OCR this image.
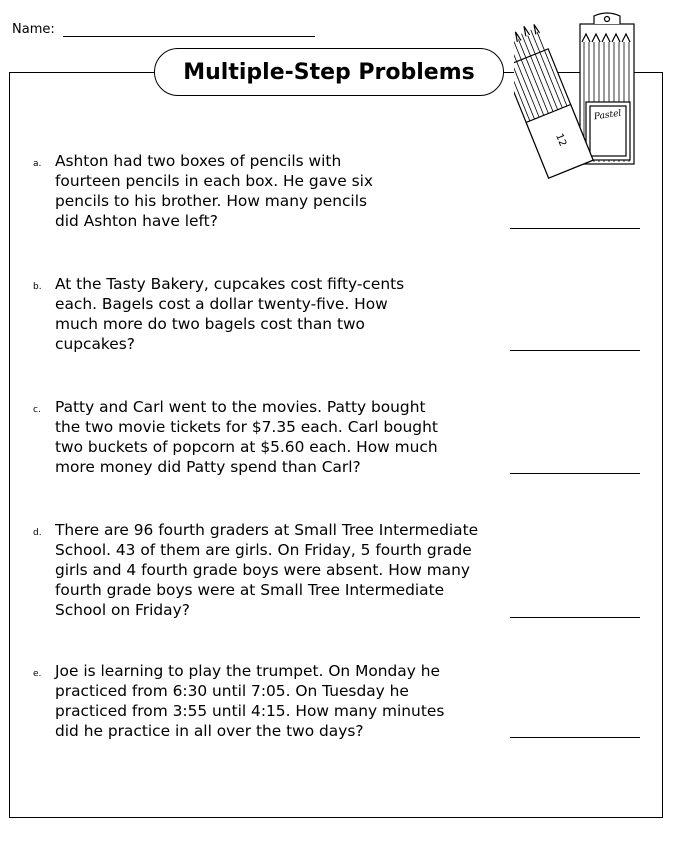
Name:
Multiple-Step Problems
Pastel
12
a. Ashton had two boxes of pencils with
fourteen pencils in each box. He gave six
pencils to his brother. How many pencils
did Ashton have left?
b. At the Tasty Bakery, cupcakes cost fifty-cents
each. Bagels cost a dollar twenty-five. How
much more do two bagels cost than two
cupcakes?
c. Patty and Carl went to the movies. Patty bought
the two movie tickets for $7.35 each. Carl bought
two buckets of popcorn at $5.60 each. How much
more money did Patty spend than Carl?
d. There are 96 fourth graders at Small Tree Intermediate
School. 43 of them are girls. On Friday, 5 fourth grade
girls and 4 fourth grade boys were absent. How many
fourth grade boys were at Small Tree Intermediate
School on Friday?
e. Joe is learning to play the trumpet. On Monday he
practiced from 6:30 until 7:05. On Tuesday he
practiced from 3:55 until 4:15. How many minutes
did he practice in all over the two days?
